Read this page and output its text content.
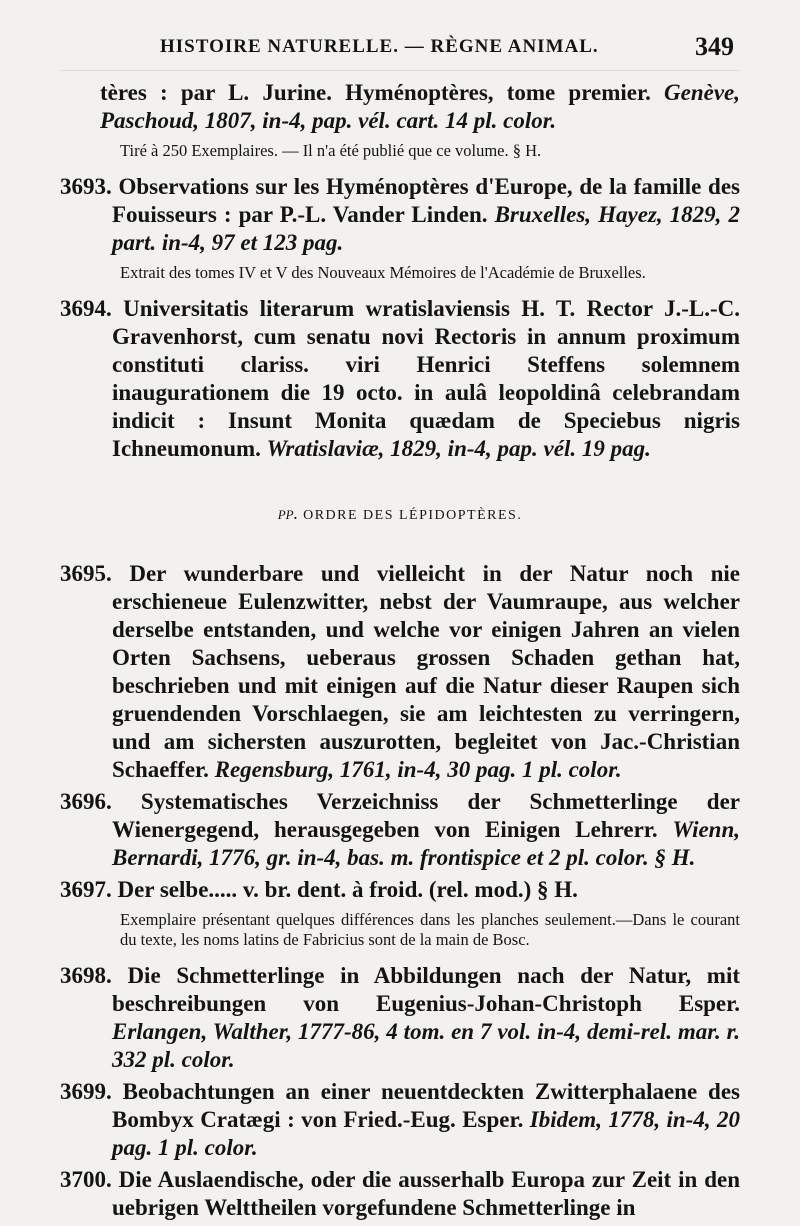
HISTOIRE NATURELLE. — RÈGNE ANIMAL.	349
tères : par L. Jurine. Hyménoptères, tome premier. Genève, Paschoud, 1807, in-4, pap. vél. cart. 14 pl. color.
Tiré à 250 Exemplaires. — Il n'a été publié que ce volume. § H.
3693. Observations sur les Hyménoptères d'Europe, de la famille des Fouisseurs : par P.-L. Vander Linden. Bruxelles, Hayez, 1829, 2 part. in-4, 97 et 123 pag.
Extrait des tomes IV et V des Nouveaux Mémoires de l'Académie de Bruxelles.
3694. Universitatis literarum wratislaviensis H. T. Rector J.-L.-C. Gravenhorst, cum senatu novi Rectoris in annum proximum constituti clariss. viri Henrici Steffens solemnem inaugurationem die 19 octo. in aulâ leopoldinâ celebrandam indicit : Insunt Monita quædam de Speciebus nigris Ichneumonum. Wratislaviæ, 1829, in-4, pap. vél. 19 pag.
pp. ORDRE DES LÉPIDOPTÈRES.
3695. Der wunderbare und vielleicht in der Natur noch nie erschieneue Eulenzwitter, nebst der Vaumraupe, aus welcher derselbe entstanden, und welche vor einigen Jahren an vielen Orten Sachsens, ueberaus grossen Schaden gethan hat, beschrieben und mit einigen auf die Natur dieser Raupen sich gruendenden Vorschlaegen, sie am leichtesten zu verringern, und am sichersten auszurotten, begleitet von Jac.-Christian Schaeffer. Regensburg, 1761, in-4, 30 pag. 1 pl. color.
3696. Systematisches Verzeichniss der Schmetterlinge der Wienergegend, herausgegeben von Einigen Lehrerr. Wienn, Bernardi, 1776, gr. in-4, bas. m. frontispice et 2 pl. color. § H.
3697. Der selbe..... v. br. dent. à froid. (rel. mod.) § H.
Exemplaire présentant quelques différences dans les planches seulement.—Dans le courant du texte, les noms latins de Fabricius sont de la main de Bosc.
3698. Die Schmetterlinge in Abbildungen nach der Natur, mit beschreibungen von Eugenius-Johan-Christoph Esper. Erlangen, Walther, 1777-86, 4 tom. en 7 vol. in-4, demi-rel. mar. r. 332 pl. color.
3699. Beobachtungen an einer neuentdeckten Zwitterphalaene des Bombyx Cratægi : von Fried.-Eug. Esper. Ibidem, 1778, in-4, 20 pag. 1 pl. color.
3700. Die Auslaendische, oder die ausserhalb Europa zur Zeit in den uebrigen Welttheilen vorgefundene Schmetterlinge in
